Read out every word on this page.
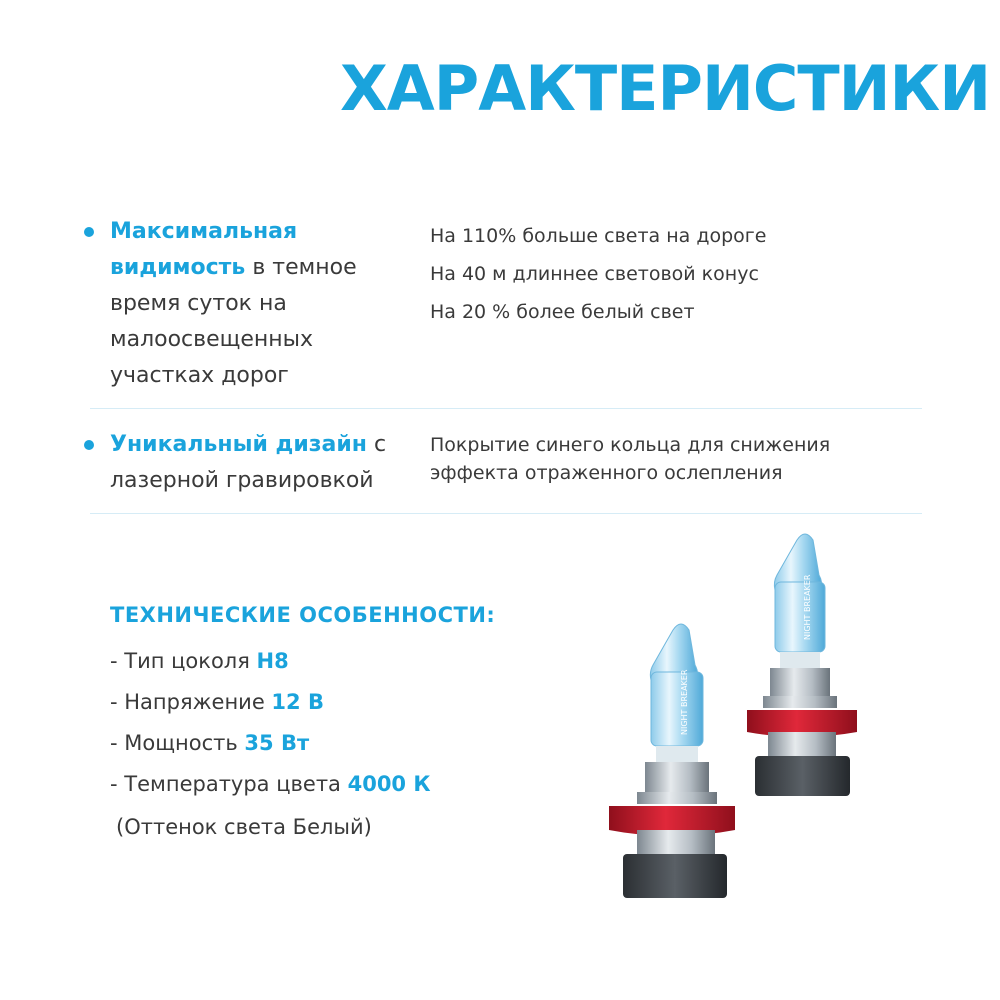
ХАРАКТЕРИСТИКИ
Максимальная видимость в темное время суток на малоосвещенных участках дорог
На 110% больше света на дороге
На 40 м длиннее световой конус
На 20 % более белый свет
Уникальный дизайн с лазерной гравировкой
Покрытие синего кольца для снижения эффекта отраженного ослепления
ТЕХНИЧЕСКИЕ ОСОБЕННОСТИ:
- Тип цоколя H8
- Напряжение 12 В
- Мощность 35 Вт
- Температура цвета 4000 К
(Оттенок света Белый)
NIGHT BREAKER
NIGHT BREAKER
